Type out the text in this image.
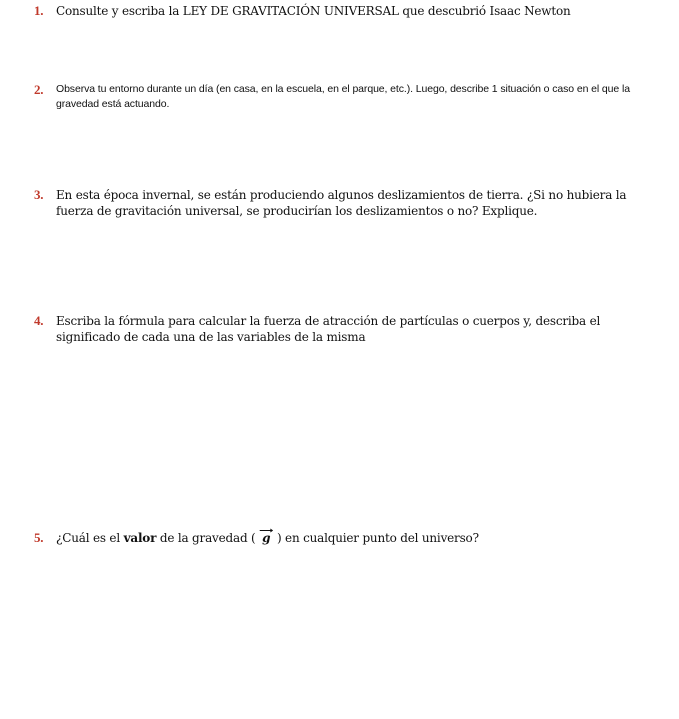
1. Consulte y escriba la LEY DE GRAVITACIÓN UNIVERSAL que descubrió Isaac Newton
2. Observa tu entorno durante un día (en casa, en la escuela, en el parque, etc.). Luego, describe 1 situación o caso en el que la gravedad está actuando.
3. En esta época invernal, se están produciendo algunos deslizamientos de tierra. ¿Si no hubiera la fuerza de gravitación universal, se producirían los deslizamientos o no? Explique.
4. Escriba la fórmula para calcular la fuerza de atracción de partículas o cuerpos y, describa el significado de cada una de las variables de la misma
5. ¿Cuál es el valor de la gravedad (
g ) en cualquier punto del universo?
